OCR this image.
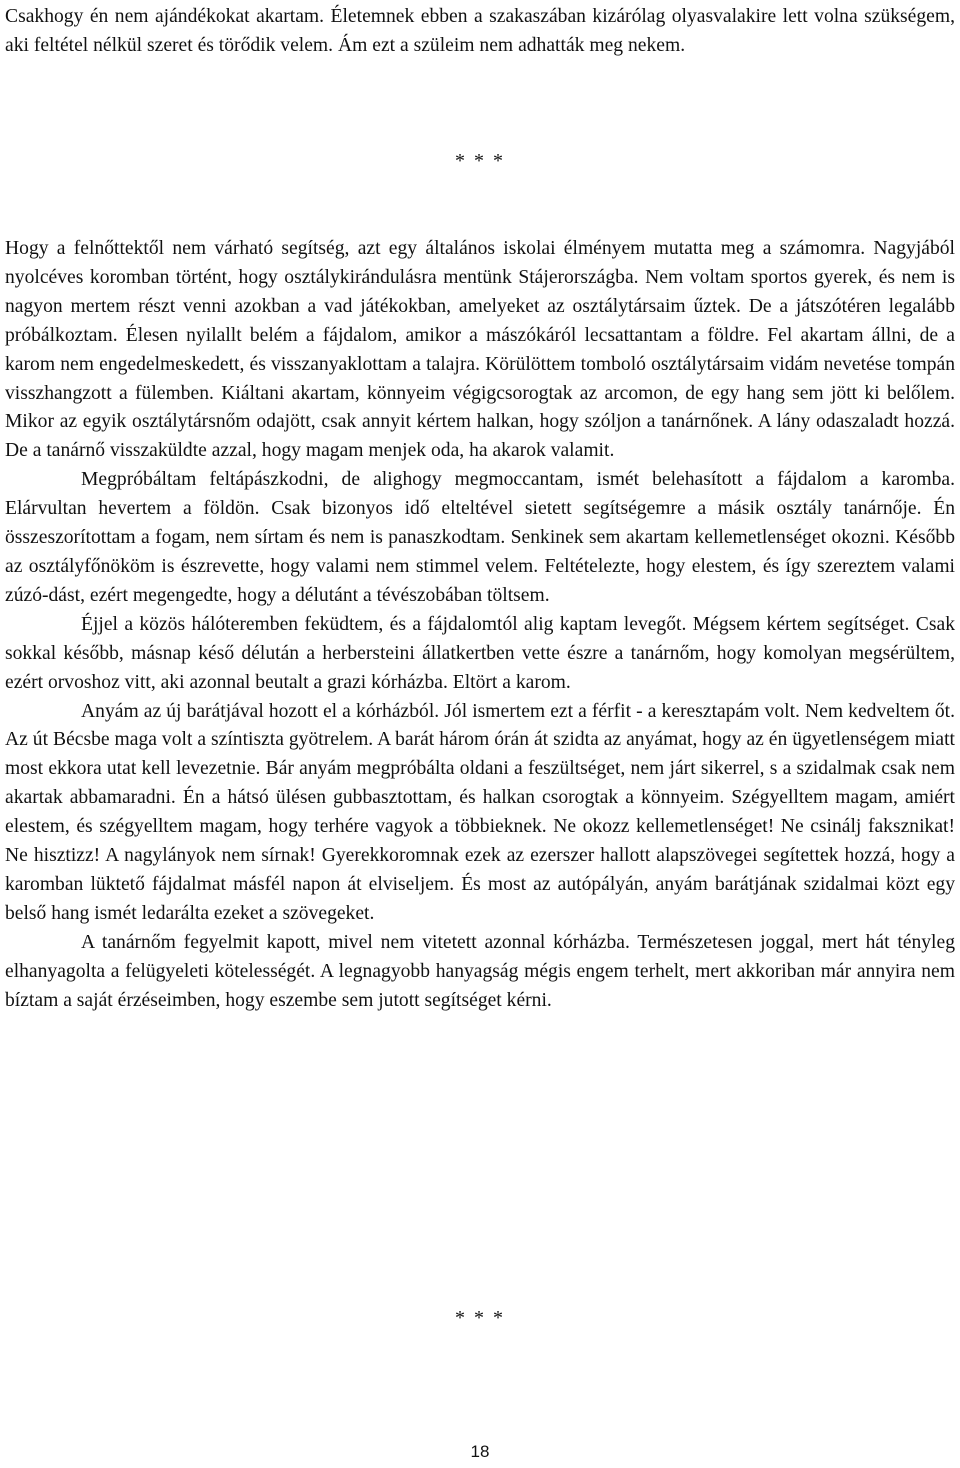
Csakhogy én nem ajándékokat akartam. Életemnek ebben a szakaszában kizárólag olyasvalakire lett volna szükségem, aki feltétel nélkül szeret és törődik velem. Ám ezt a szüleim nem adhatták meg nekem.

* * *

Hogy a felnőttektől nem várható segítség, azt egy általános iskolai élményem mutatta meg a számomra. Nagyjából nyolcéves koromban történt, hogy osztálykirándulásra mentünk Stájerországba. Nem voltam sportos gyerek, és nem is nagyon mertem részt venni azokban a vad játékokban, amelyeket az osztálytársaim űztek. De a játszótéren legalább próbálkoztam. Élesen nyilallt belém a fájdalom, amikor a mászókáról lecsattantam a földre. Fel akartam állni, de a karom nem engedelmeskedett, és visszanyaklottam a talajra. Körülöttem tomboló osztálytársaim vidám nevetése tompán visszhangzott a fülemben. Kiáltani akartam, könnyeim végigcsorogtak az arcomon, de egy hang sem jött ki belőlem. Mikor az egyik osztálytársnőm odajött, csak annyit kértem halkan, hogy szóljon a tanárnőnek. A lány odaszaladt hozzá. De a tanárnő visszaküldte azzal, hogy magam menjek oda, ha akarok valamit.

Megpróbáltam feltápászkodni, de alighogy megmoccantam, ismét belehasított a fájdalom a karomba. Elárvultan hevertem a földön. Csak bizonyos idő elteltével sietett segítségemre a másik osztály tanárnője. Én összeszorítottam a fogam, nem sírtam és nem is panaszkodtam. Senkinek sem akartam kellemetlenséget okozni. Később az osztályfőnököm is észrevette, hogy valami nem stimmel velem. Feltételezte, hogy elestem, és így szereztem valami zúzó-dást, ezért megengedte, hogy a délutánt a tévészobában töltsem.

Éjjel a közös hálóteremben feküdtem, és a fájdalomtól alig kaptam levegőt. Mégsem kértem segítséget. Csak sokkal később, másnap késő délután a herbersteini állatkertben vette észre a tanárnőm, hogy komolyan megsérültem, ezért orvoshoz vitt, aki azonnal beutalt a grazi kórházba. Eltört a karom.

Anyám az új barátjával hozott el a kórházból. Jól ismertem ezt a férfit - a keresztapám volt. Nem kedveltem őt. Az út Bécsbe maga volt a színtiszta gyötrelem. A barát három órán át szidta az anyámat, hogy az én ügyetlenségem miatt most ekkora utat kell levezetnie. Bár anyám megpróbálta oldani a feszültséget, nem járt sikerrel, s a szidalmak csak nem akartak abbamaradni. Én a hátsó ülésen gubbasztottam, és halkan csorogtak a könnyeim. Szégyelltem magam, amiért elestem, és szégyelltem magam, hogy terhére vagyok a többieknek. Ne okozz kellemetlenséget! Ne csinálj faksznikat! Ne hisztizz! A nagylányok nem sírnak! Gyerekkoromnak ezek az ezerszer hallott alapszövegei segítettek hozzá, hogy a karomban lüktető fájdalmat másfél napon át elviseljem. És most az autópályán, anyám barátjának szidalmai közt egy belső hang ismét ledarálta ezeket a szövegeket.

A tanárnőm fegyelmit kapott, mivel nem vitetett azonnal kórházba. Természetesen joggal, mert hát tényleg elhanyagolta a felügyeleti kötelességét. A legnagyobb hanyagság mégis engem terhelt, mert akkoriban már annyira nem bíztam a saját érzéseimben, hogy eszembe sem jutott segítséget kérni.

* * *
18
